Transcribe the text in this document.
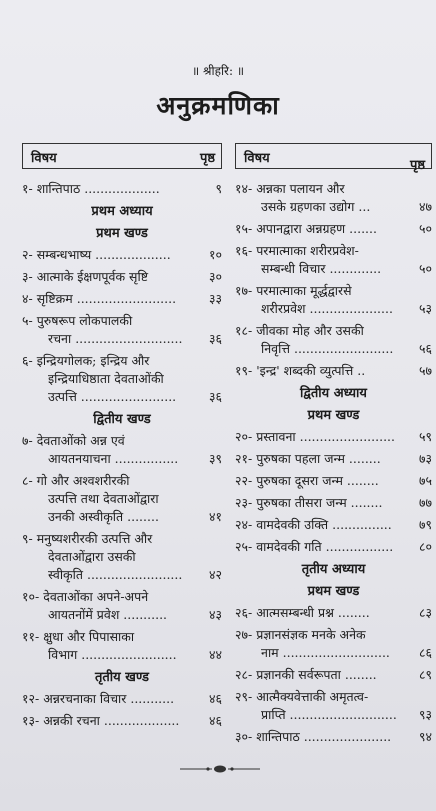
॥ श्रीहरि: ॥
अनुक्रमणिका
विषय	पृष्ठ
१- शान्तिपाठ ...................	९
प्रथम अध्याय
प्रथम खण्ड
२- सम्बन्धभाष्य ...................	१०
३- आत्माके ईक्षणपूर्वक सृष्टि	३०
४- सृष्टिक्रम .........................	३३
५- पुरुषरूप लोकपालकी
रचना ...........................	३६
६- इन्द्रियगोलक; इन्द्रिय और
इन्द्रियाधिष्ठाता देवताओंकी
उत्पत्ति ........................	३६
द्वितीय खण्ड
७- देवताओंको अन्न एवं
आयतनयाचना ................	३९
८- गो और अश्वशरीरकी
उत्पत्ति तथा देवताओंद्वारा
उनकी अस्वीकृति ........	४१
९- मनुष्यशरीरकी उत्पत्ति और
देवताओंद्वारा उसकी
स्वीकृति ........................	४२
१०- देवताओंका अपने-अपने
आयतनोंमें प्रवेश ...........	४३
११- क्षुधा और पिपासाका
विभाग ........................	४४
तृतीय खण्ड
१२- अन्नरचनाका विचार ...........	४६
१३- अन्नकी रचना ...................	४६
विषय	पृष्ठ
१४- अन्नका पलायन और
उसके ग्रहणका उद्योग ...	४७
१५- अपानद्वारा अन्नग्रहण .......	५०
१६- परमात्माका शरीरप्रवेश-
सम्बन्धी विचार .............	५०
१७- परमात्माका मूर्द्धद्वारसे
शरीरप्रवेश .....................	५३
१८- जीवका मोह और उसकी
निवृत्ति .........................	५६
१९- 'इन्द्र' शब्दकी व्युत्पत्ति ..	५७
द्वितीय अध्याय
प्रथम खण्ड
२०- प्रस्तावना ........................	५९
२१- पुरुषका पहला जन्म ........	७३
२२- पुरुषका दूसरा जन्म ........	७५
२३- पुरुषका तीसरा जन्म ........	७७
२४- वामदेवकी उक्ति ...............	७९
२५- वामदेवकी गति .................	८०
तृतीय अध्याय
प्रथम खण्ड
२६- आत्मसम्बन्धी प्रश्न ........	८३
२७- प्रज्ञानसंज्ञक मनके अनेक
नाम ...........................	८६
२८- प्रज्ञानकी सर्वरूपता ........	८९
२९- आत्मैक्यवेत्ताकी अमृतत्व-
प्राप्ति ...........................	९३
३०- शान्तिपाठ ......................	९४
